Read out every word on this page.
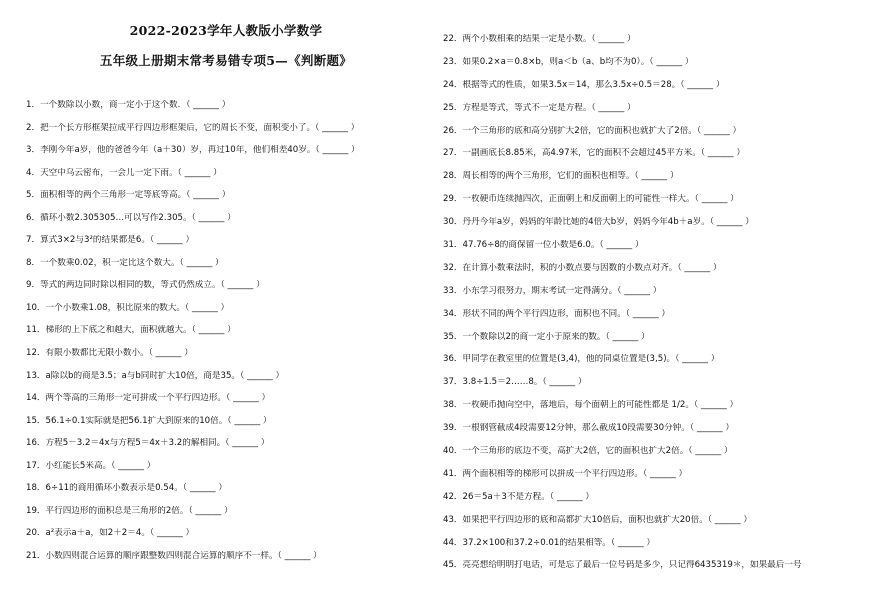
2022-2023学年人教版小学数学

五年级上册期末常考易错专项5—《判断题》

1．一个数除以小数，商一定小于这个数．（ ______ ）
2．把一个长方形框架拉成平行四边形框架后，它的周长不变，面积变小了。（ ______ ）
3．李刚今年a岁，他的爸爸今年（a＋30）岁，再过10年，他们相差40岁。（ ______ ）
4．天空中乌云密布，一会儿一定下雨。（ ______ ）
5．面积相等的两个三角形一定等底等高。（ ______ ）
6．循环小数2.305305…可以写作2.305。（ ______ ）
7．算式3×2与3²的结果都是6。（ ______ ）
8．一个数乘0.02，积一定比这个数大。（ ______ ）
9．等式的两边同时除以相同的数，等式仍然成立。（ ______ ）
10．一个小数乘1.08，积比原来的数大。（ ______ ）
11．梯形的上下底之和越大，面积就越大。（ ______ ）
12．有限小数都比无限小数小。（ ______ ）
13．a除以b的商是3.5；a与b同时扩大10倍，商是35。（ ______ ）
14．两个等高的三角形一定可拼成一个平行四边形。（ ______ ）
15．56.1÷0.1实际就是把56.1扩大到原来的10倍。（ ______ ）
16．方程5－3.2＝4x与方程5＝4x＋3.2的解相同。（ ______ ）
17．小红能长5米高。（ ______ ）
18．6÷11的商用循环小数表示是0.54。（ ______ ）
19．平行四边形的面积总是三角形的2倍。（ ______ ）
20．a²表示a＋a，如2＋2＝4。（ ______ ）
21．小数四则混合运算的顺序跟整数四则混合运算的顺序不一样。（ ______ ）
22．两个小数相乘的结果一定是小数。（ ______ ）
23．如果0.2×a＝0.8×b，则a＜b（a、b均不为0）。（ ______ ）
24．根据等式的性质，如果3.5x＝14，那么3.5x÷0.5＝28。（ ______ ）
25．方程是等式，等式不一定是方程。（ ______ ）
26．一个三角形的底和高分别扩大2倍，它的面积也就扩大了2倍。（ ______ ）
27．一副画底长8.85米，高4.97米，它的面积不会超过45平方米。（ ______ ）
28．周长相等的两个三角形，它们的面积也相等。（ ______ ）
29．一枚硬币连续抛四次，正面朝上和反面朝上的可能性一样大。（ ______ ）
30．丹丹今年a岁，妈妈的年龄比她的4倍大b岁，妈妈今年4b＋a岁。（ ______ ）
31．47.76÷8的商保留一位小数是6.0。（ ______ ）
32．在计算小数乘法时，积的小数点要与因数的小数点对齐。（ ______ ）
33．小东学习很努力，期末考试一定得满分。（ ______ ）
34．形状不同的两个平行四边形，面积也不同。（ ______ ）
35．一个数除以2的商一定小于原来的数。（ ______ ）
36．甲同学在教室里的位置是(3,4)，他的同桌位置是(3,5)。（ ______ ）
37．3.8÷1.5＝2……8。（ ______ ）
38．一枚硬币抛向空中，落地后，每个面朝上的可能性都是 1/2。（ ______ ）
39．一根钢管截成4段需要12分钟，那么截成10段需要30分钟。（ ______ ）
40．一个三角形的底边不变，高扩大2倍，它的面积也扩大2倍。（ ______ ）
41．两个面积相等的梯形可以拼成一个平行四边形。（ ______ ）
42．26＝5a＋3不是方程。（ ______ ）
43．如果把平行四边形的底和高都扩大10倍后，面积也就扩大20倍。（ ______ ）
44．37.2×100和37.2÷0.01的结果相等。（ ______ ）
45．亮亮想给明明打电话，可是忘了最后一位号码是多少，只记得6435319＊，如果最后一号
